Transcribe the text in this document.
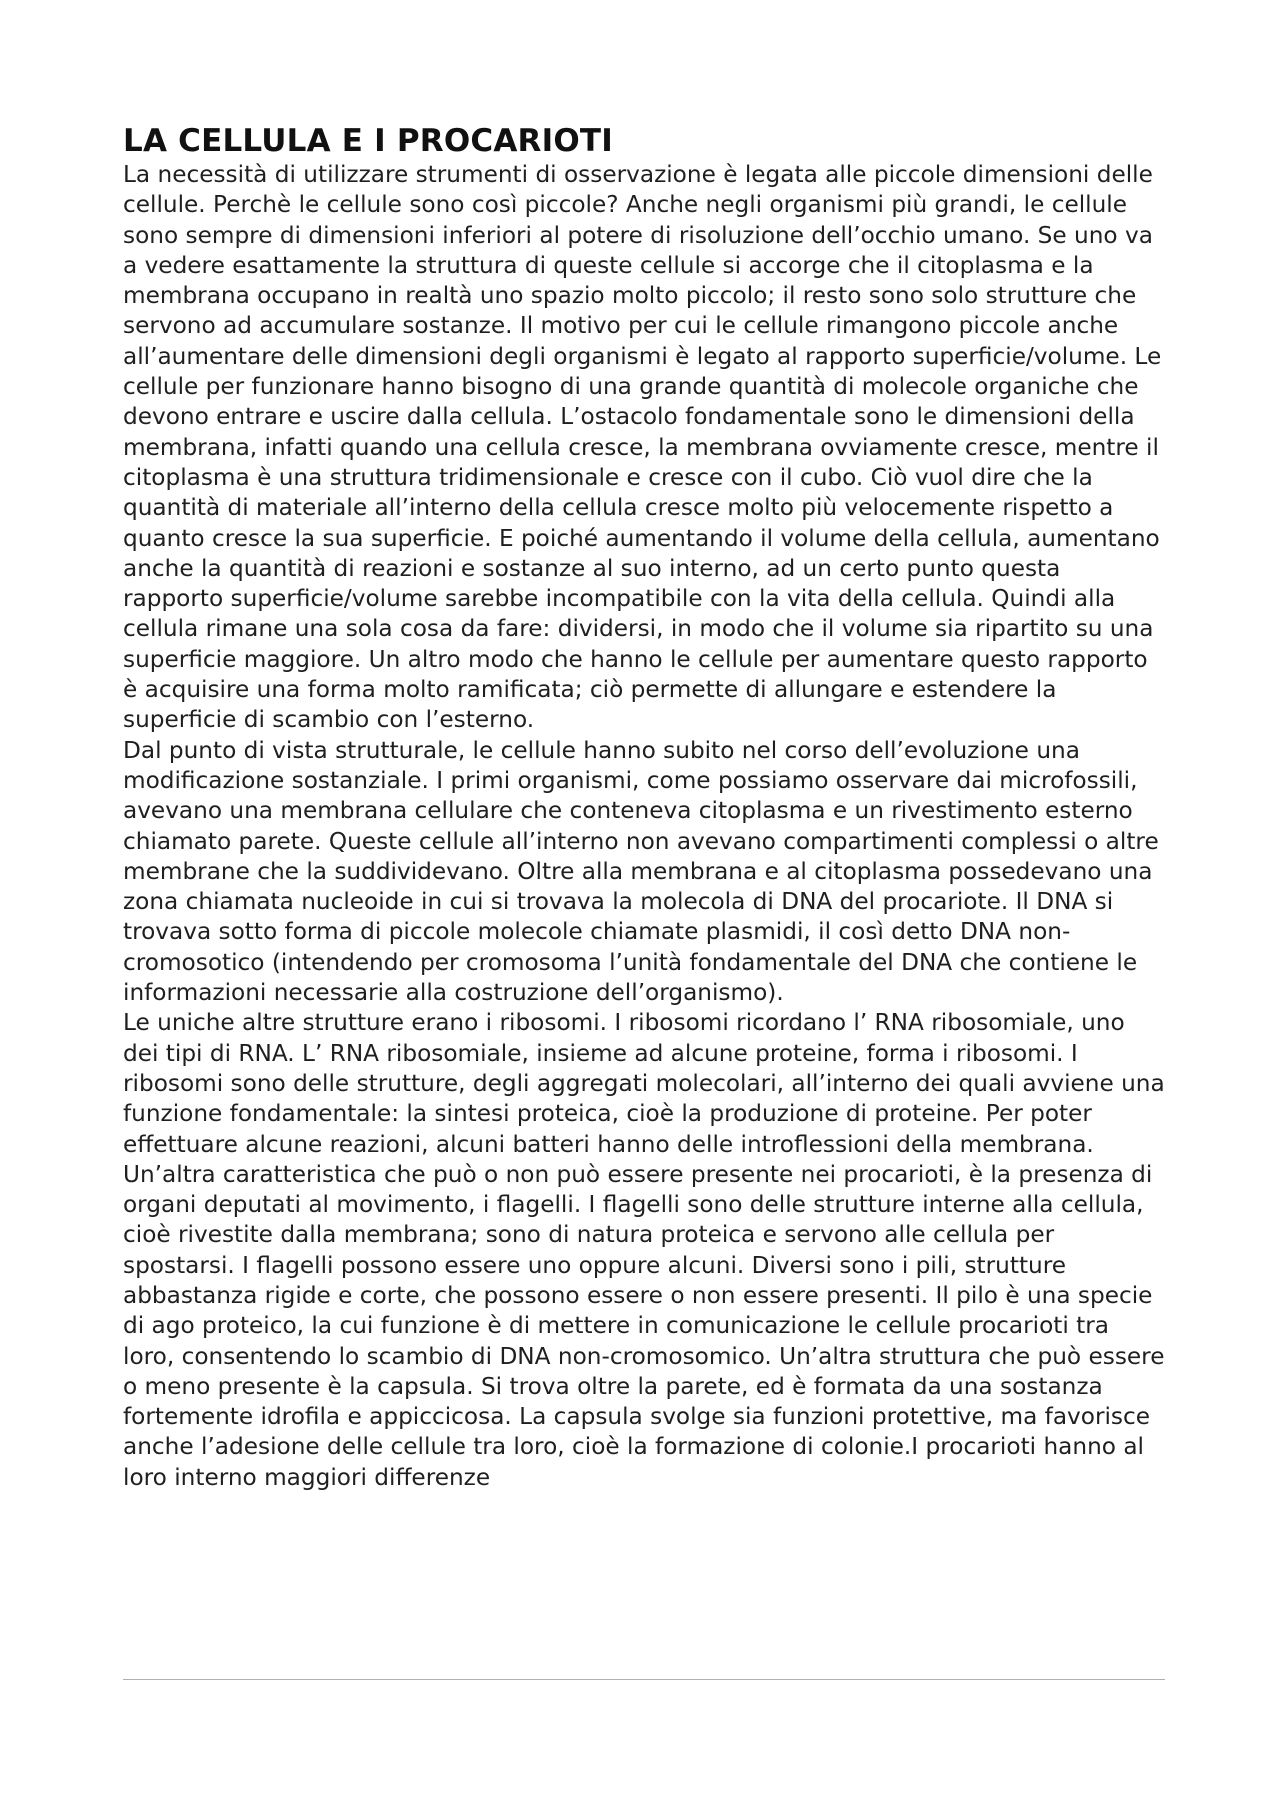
LA CELLULA E I PROCARIOTI

La necessità di utilizzare strumenti di osservazione è legata alle piccole dimensioni delle cellule. Perchè le cellule sono così piccole? Anche negli organismi più grandi, le cellule sono sempre di dimensioni inferiori al potere di risoluzione dell’occhio umano. Se uno va a vedere esattamente la struttura di queste cellule si accorge che il citoplasma e la membrana occupano in realtà uno spazio molto piccolo; il resto sono solo strutture che servono ad accumulare sostanze. Il motivo per cui le cellule rimangono piccole anche all’aumentare delle dimensioni degli organismi è legato al rapporto superficie/volume. Le cellule per funzionare hanno bisogno di una grande quantità di molecole organiche che devono entrare e uscire dalla cellula. L’ostacolo fondamentale sono le dimensioni della membrana, infatti quando una cellula cresce, la membrana ovviamente cresce, mentre il citoplasma è una struttura tridimensionale e cresce con il cubo. Ciò vuol dire che la quantità di materiale all’interno della cellula cresce molto più velocemente rispetto a quanto cresce la sua superficie. E poiché aumentando il volume della cellula, aumentano anche la quantità di reazioni e sostanze al suo interno, ad un certo punto questa rapporto superficie/volume sarebbe incompatibile con la vita della cellula. Quindi alla cellula rimane una sola cosa da fare: dividersi, in modo che il volume sia ripartito su una superficie maggiore. Un altro modo che hanno le cellule per aumentare questo rapporto è acquisire una forma molto ramificata; ciò permette di allungare e estendere la superficie di scambio con l’esterno.

Dal punto di vista strutturale, le cellule hanno subito nel corso dell’evoluzione una modificazione sostanziale. I primi organismi, come possiamo osservare dai microfossili, avevano una membrana cellulare che conteneva citoplasma e un rivestimento esterno chiamato parete. Queste cellule all’interno non avevano compartimenti complessi o altre membrane che la suddividevano. Oltre alla membrana e al citoplasma possedevano una zona chiamata nucleoide in cui si trovava la molecola di DNA del procariote. Il DNA si trovava sotto forma di piccole molecole chiamate plasmidi, il così detto DNA non-cromosotico (intendendo per cromosoma l’unità fondamentale del DNA che contiene le informazioni necessarie alla costruzione dell’organismo).

Le uniche altre strutture erano i ribosomi. I ribosomi ricordano l’ RNA ribosomiale, uno dei tipi di RNA. L’ RNA ribosomiale, insieme ad alcune proteine, forma i ribosomi. I ribosomi sono delle strutture, degli aggregati molecolari, all’interno dei quali avviene una funzione fondamentale: la sintesi proteica, cioè la produzione di proteine. Per poter effettuare alcune reazioni, alcuni batteri hanno delle introflessioni della membrana.

Un’altra caratteristica che può o non può essere presente nei procarioti, è la presenza di organi deputati al movimento, i flagelli. I flagelli sono delle strutture interne alla cellula, cioè rivestite dalla membrana; sono di natura proteica e servono alle cellula per spostarsi. I flagelli possono essere uno oppure alcuni. Diversi sono i pili, strutture abbastanza rigide e corte, che possono essere o non essere presenti. Il pilo è una specie di ago proteico, la cui funzione è di mettere in comunicazione le cellule procarioti tra loro, consentendo lo scambio di DNA non-cromosomico. Un’altra struttura che può essere o meno presente è la capsula. Si trova oltre la parete, ed è formata da una sostanza fortemente idrofila e appiccicosa. La capsula svolge sia funzioni protettive, ma favorisce anche l’adesione delle cellule tra loro, cioè la formazione di colonie.I procarioti hanno al loro interno maggiori differenze
